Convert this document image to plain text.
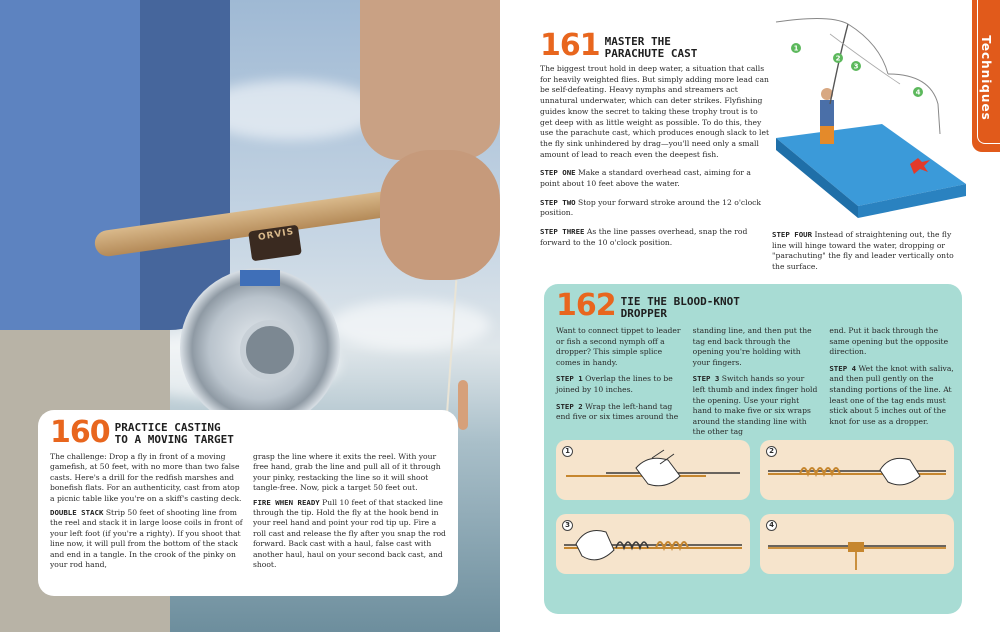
ORVIS
160 PRACTICE CASTING
TO A MOVING TARGET

The challenge: Drop a fly in front of a moving gamefish, at 50 feet, with no more than two false casts. Here's a drill for the redfish marshes and bonefish flats. For an authenticity, cast from atop a picnic table like you're on a skiff's casting deck.

DOUBLE STACK Strip 50 feet of shooting line from the reel and stack it in large loose coils in front of your left foot (if you're a righty). If you shoot that line now, it will pull from the bottom of the stack and end in a tangle. In the crook of the pinky on your rod hand,

grasp the line where it exits the reel. With your free hand, grab the line and pull all of it through your pinky, restacking the line so it will shoot tangle-free. Now, pick a target 50 feet out.

FIRE WHEN READY Pull 10 feet of that stacked line through the tip. Hold the fly at the hook bend in your reel hand and point your rod tip up. Fire a roll cast and release the fly after you snap the rod forward. Back cast with a haul, false cast with another haul, haul on your second back cast, and shoot.

Techniques
161 MASTER THE
PARACHUTE CAST

The biggest trout hold in deep water, a situation that calls for heavily weighted flies. But simply adding more lead can be self-defeating. Heavy nymphs and streamers act unnatural underwater, which can deter strikes. Flyfishing guides know the secret to taking these trophy trout is to get deep with as little weight as possible. To do this, they use the parachute cast, which produces enough slack to let the fly sink unhindered by drag—you'll need only a small amount of lead to reach even the deepest fish.

STEP ONE Make a standard overhead cast, aiming for a point about 10 feet above the water.

STEP TWO Stop your forward stroke around the 12 o'clock position.

STEP THREE As the line passes overhead, snap the rod forward to the 10 o'clock position.

1
2
3
4
STEP FOUR Instead of straightening out, the fly line will hinge toward the water, dropping or "parachuting" the fly and leader vertically onto the surface.
162 TIE THE BLOOD-KNOT
DROPPER

Want to connect tippet to leader or fish a second nymph off a dropper? This simple splice comes in handy.

STEP 1 Overlap the lines to be joined by 10 inches.

STEP 2 Wrap the left-hand tag end five or six times around the

standing line, and then put the tag end back through the opening you're holding with your fingers.

STEP 3 Switch hands so your left thumb and index finger hold the opening. Use your right hand to make five or six wraps around the standing line with the other tag

end. Put it back through the same opening but the opposite direction.

STEP 4 Wet the knot with saliva, and then pull gently on the standing portions of the line. At least one of the tag ends must stick about 5 inches out of the knot for use as a dropper.

1	2
3	4
